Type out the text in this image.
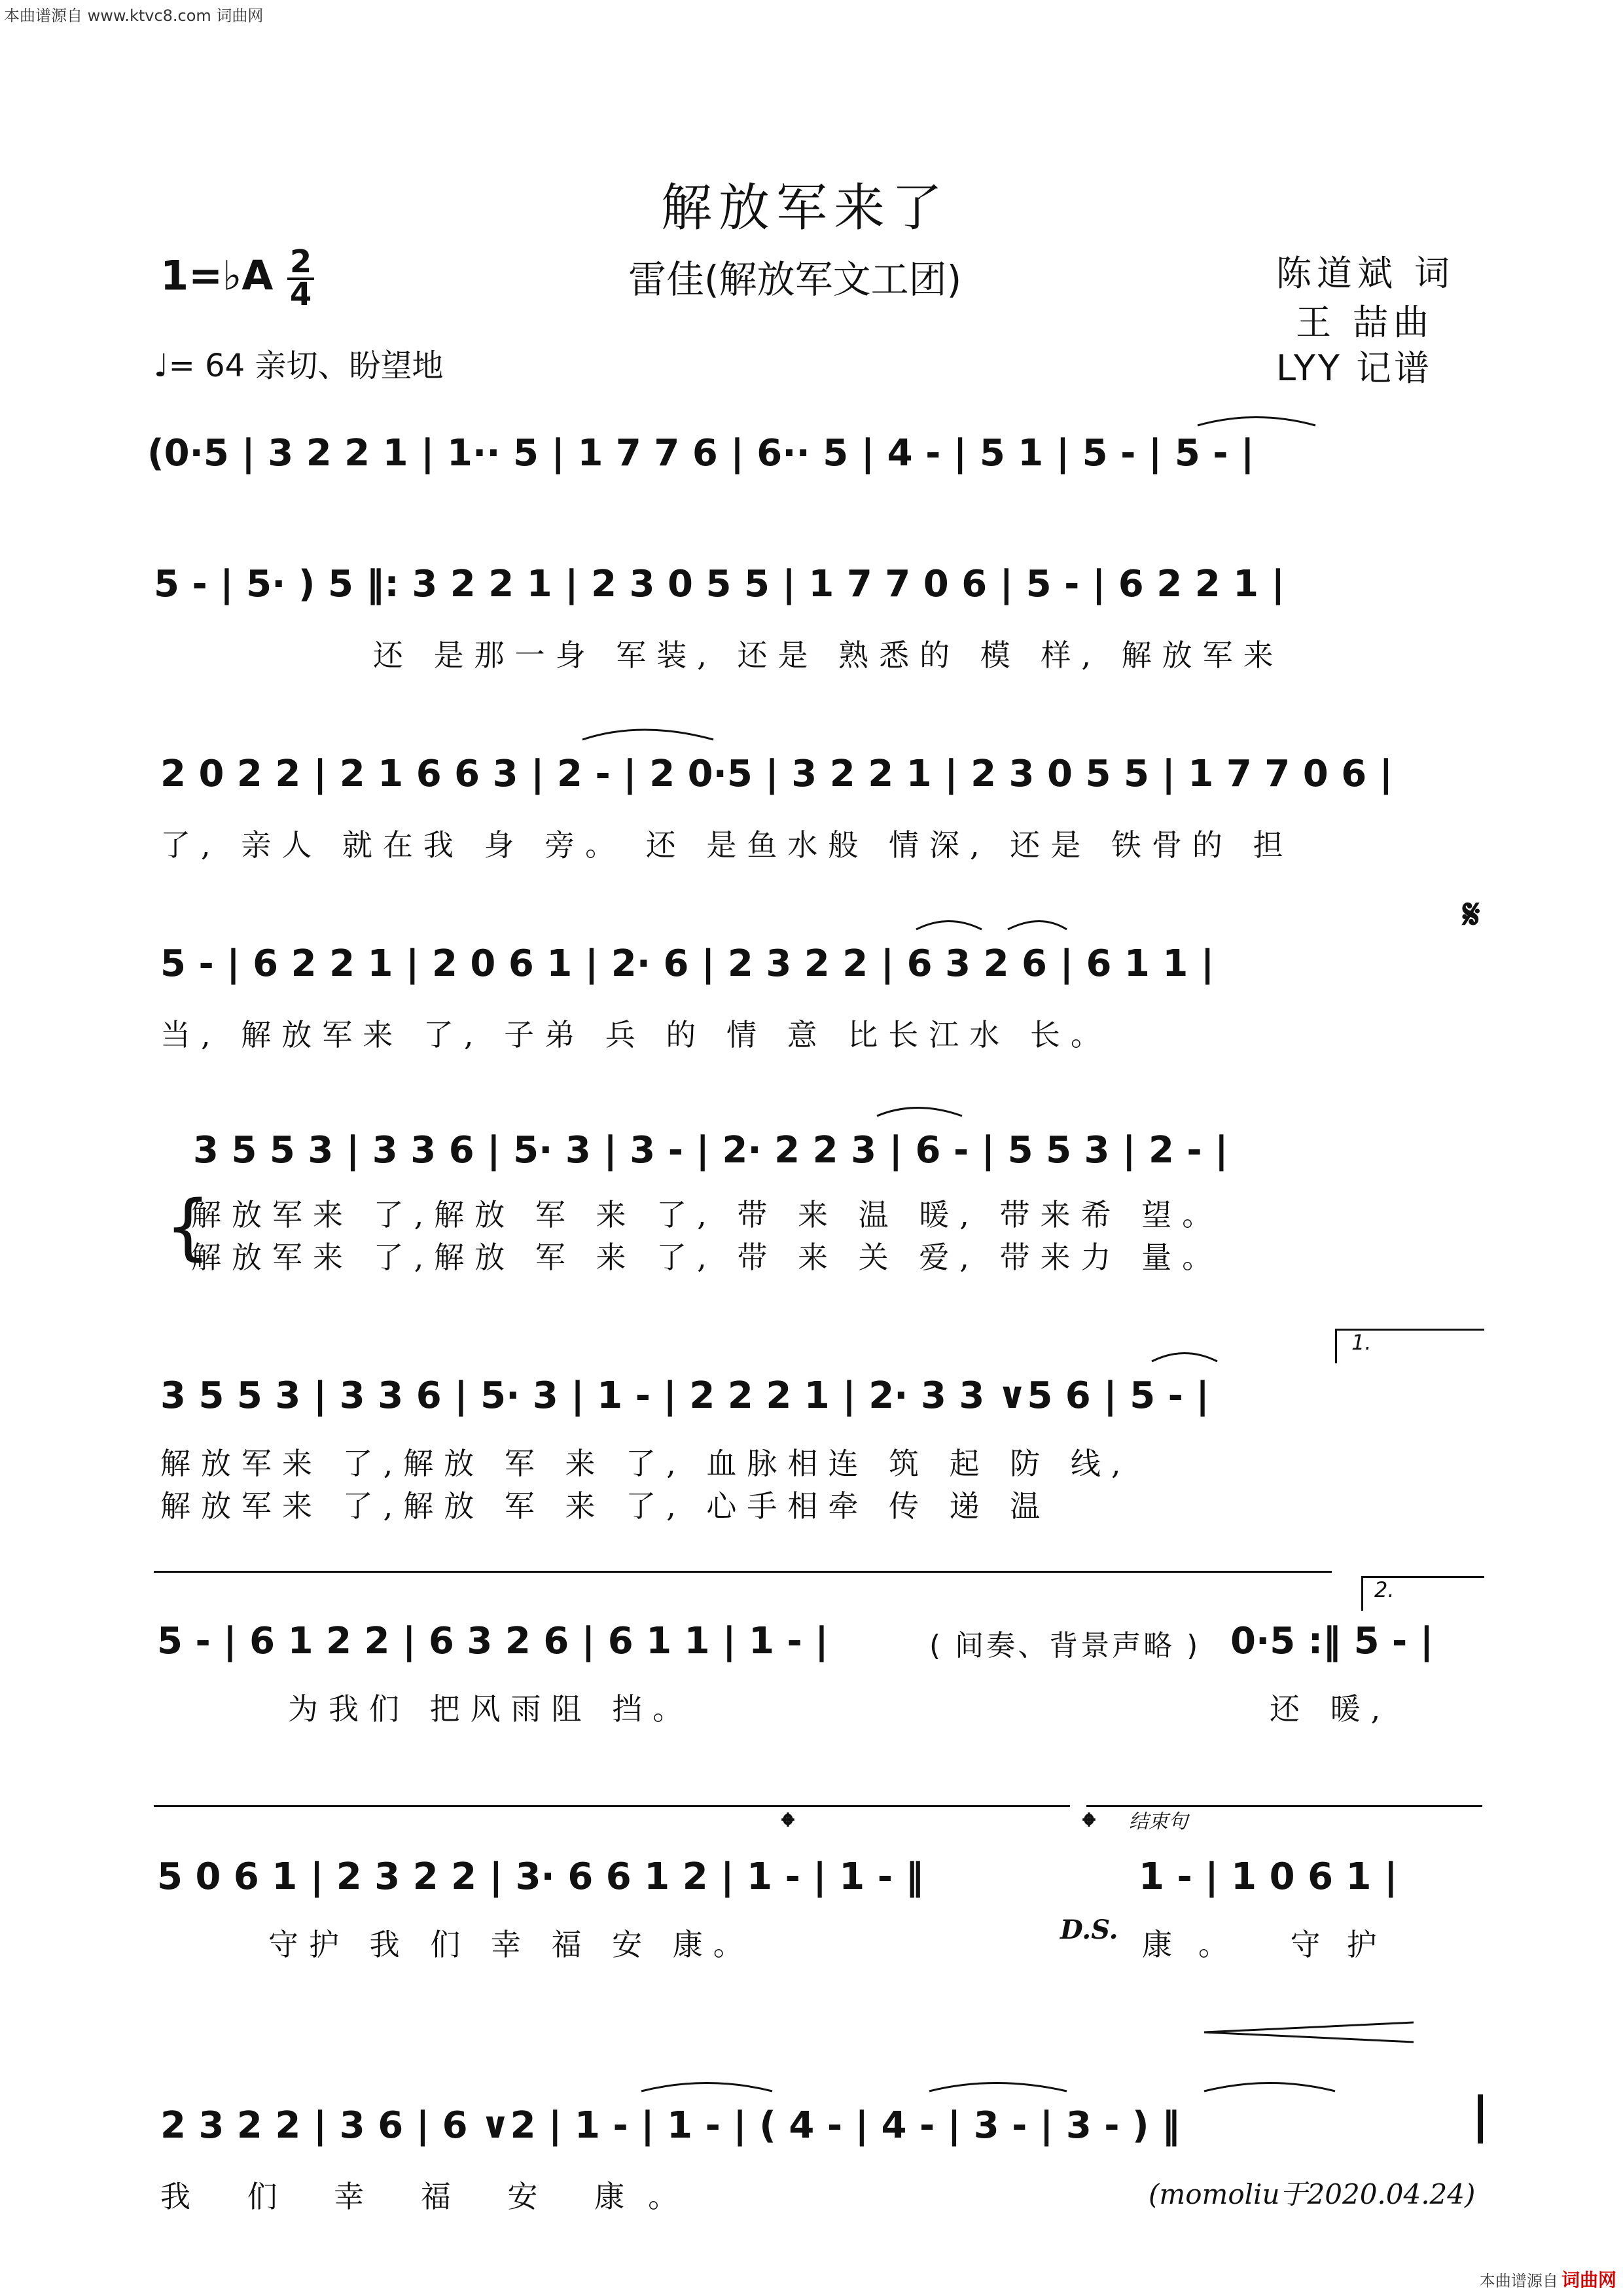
本曲谱源自 www.ktvc8.com 词曲网
本曲谱源自 词曲网
解放军来了
雷佳(解放军文工团)	陈道斌 词
王 喆曲
LYY 记谱
1=♭A $\frac{2}{4}$
♩= 64 亲切、盼望地
(0·5 | 3 2 2 1 | 1·· 5 | 1 7 7 6 | 6·· 5 | 4 - | 5 1 | 5 - | 5 - |
5 - | 5· ) 5 ‖: 3 2 2 1 | 2 3 0 5 5 | 1 7 7 0 6 | 5 - | 6 2 2 1 |
还 是那一身 军装, 还是 熟悉的 模 样, 解放军来
2 0 2 2 | 2 1 6 6 3 | 2 - | 2 0·5 | 3 2 2 1 | 2 3 0 5 5 | 1 7 7 0 6 |
了, 亲人 就在我 身 旁。 还 是鱼水般 情深, 还是 铁骨的 担
𝄋
5 - | 6 2 2 1 | 2 0 6 1 | 2· 6 | 2 3 2 2 | 6 3 2 6 | 6 1 1 |
当, 解放军来 了, 子弟 兵 的 情 意 比长江水 长。
3 5 5 3 | 3 3 6 | 5· 3 | 3 - | 2· 2 2 3 | 6 - | 5 5 3 | 2 - |
{
解放军来 了,解放 军 来 了, 带 来 温 暖, 带来希 望。
解放军来 了,解放 军 来 了, 带 来 关 爱, 带来力 量。
1.
3 5 5 3 | 3 3 6 | 5· 3 | 1 - | 2 2 2 1 | 2· 3 3 ∨5 6 | 5 - |
解放军来 了,解放 军 来 了, 血脉相连 筑 起 防 线,
解放军来 了,解放 军 来 了, 心手相牵 传 递 温
2.
5 - | 6 1 2 2 | 6 3 2 6 | 6 1 1 | 1 - |	( 间奏、背景声略 ) 0·5 :‖ 5 - |
为我们 把风雨阻 挡。	还 暖,
结束句
𝄌	𝄌
5 0 6 1 | 2 3 2 2 | 3· 6 6 1 2 | 1 - | 1 - ‖	1 - | 1 0 6 1 |
守护 我 们 幸 福 安 康。	D.S. 康。 守护
2 3 2 2 | 3 6 | 6 ∨2 | 1 - | 1 - | ( 4 - | 4 - | 3 - | 3 - ) ‖
我 们 幸 福 安 康。	(momoliu于2020.04.24)
